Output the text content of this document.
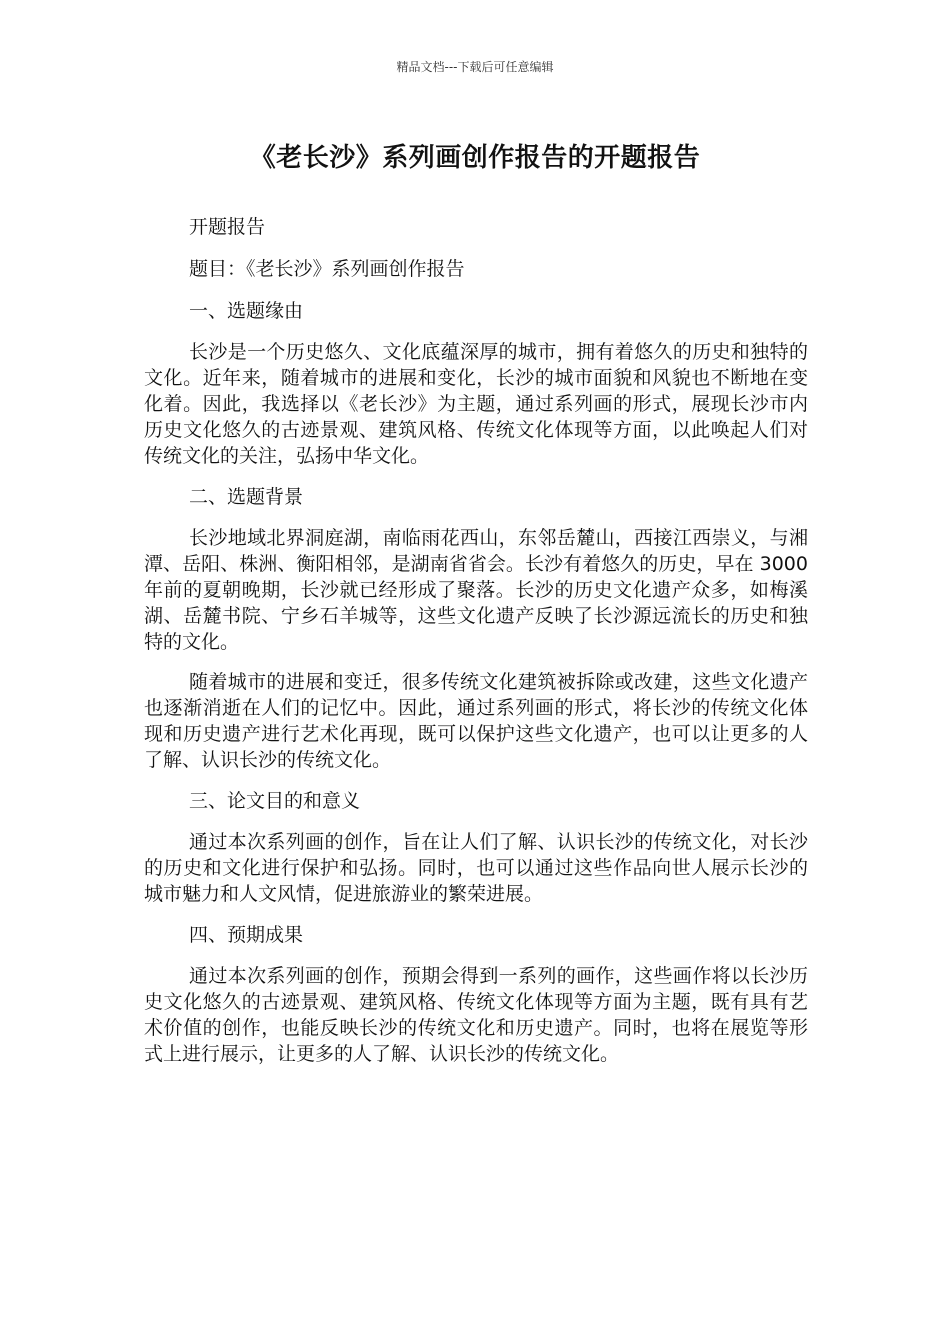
精品文档---下载后可任意编辑
《老长沙》系列画创作报告的开题报告

开题报告

题目：《老长沙》系列画创作报告

一、选题缘由

长沙是一个历史悠久、文化底蕴深厚的城市，拥有着悠久的历史和独特的文化。近年来，随着城市的进展和变化，长沙的城市面貌和风貌也不断地在变化着。因此，我选择以《老长沙》为主题，通过系列画的形式，展现长沙市内历史文化悠久的古迹景观、建筑风格、传统文化体现等方面，以此唤起人们对传统文化的关注，弘扬中华文化。

二、选题背景

长沙地域北界洞庭湖，南临雨花西山，东邻岳麓山，西接江西崇义，与湘潭、岳阳、株洲、衡阳相邻，是湖南省省会。长沙有着悠久的历史，早在 3000 年前的夏朝晚期，长沙就已经形成了聚落。长沙的历史文化遗产众多，如梅溪湖、岳麓书院、宁乡石羊城等，这些文化遗产反映了长沙源远流长的历史和独特的文化。

随着城市的进展和变迁，很多传统文化建筑被拆除或改建，这些文化遗产也逐渐消逝在人们的记忆中。因此，通过系列画的形式，将长沙的传统文化体现和历史遗产进行艺术化再现，既可以保护这些文化遗产，也可以让更多的人了解、认识长沙的传统文化。

三、论文目的和意义

通过本次系列画的创作，旨在让人们了解、认识长沙的传统文化，对长沙的历史和文化进行保护和弘扬。同时，也可以通过这些作品向世人展示长沙的城市魅力和人文风情，促进旅游业的繁荣进展。

四、预期成果

通过本次系列画的创作，预期会得到一系列的画作，这些画作将以长沙历史文化悠久的古迹景观、建筑风格、传统文化体现等方面为主题，既有具有艺术价值的创作，也能反映长沙的传统文化和历史遗产。同时，也将在展览等形式上进行展示，让更多的人了解、认识长沙的传统文化。
